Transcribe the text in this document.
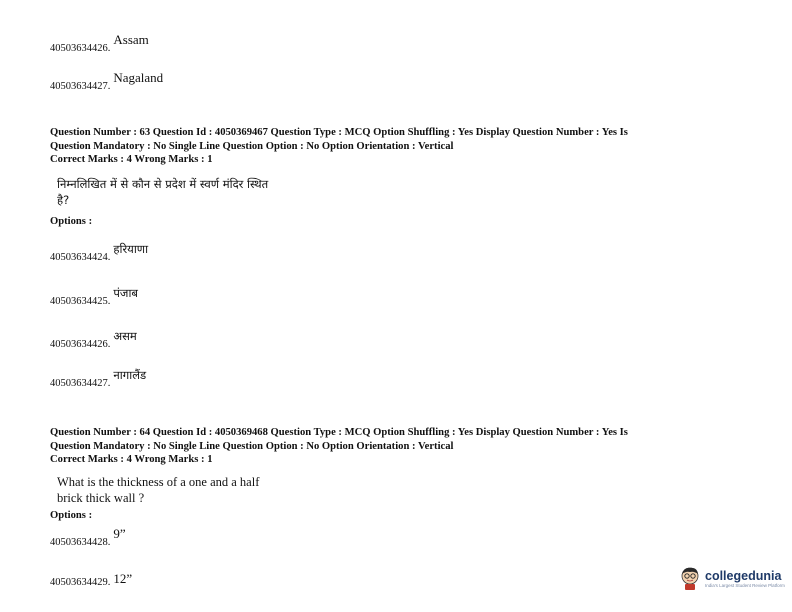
40503634426.$^{Assam}$
40503634427.$^{Nagaland}$
Question Number : 63 Question Id : 4050369467 Question Type : MCQ Option Shuffling : Yes Display Question Number : Yes Is
Question Mandatory : No Single Line Question Option : No Option Orientation : Vertical
Correct Marks : 4 Wrong Marks : 1
निम्नलिखित में से कौन से प्रदेश में स्वर्ण मंदिर स्थित
है?
Options :
40503634424.$^{हरियाणा}$
40503634425.$^{पंजाब}$
40503634426.$^{असम}$
40503634427.$^{नागालैंड}$
Question Number : 64 Question Id : 4050369468 Question Type : MCQ Option Shuffling : Yes Display Question Number : Yes Is
Question Mandatory : No Single Line Question Option : No Option Orientation : Vertical
Correct Marks : 4 Wrong Marks : 1
What is the thickness of a one and a half
brick thick wall ?
Options :
40503634428.$^{9”}$
40503634429. 12”	collegedunia
India's Largest Student Review Platform
